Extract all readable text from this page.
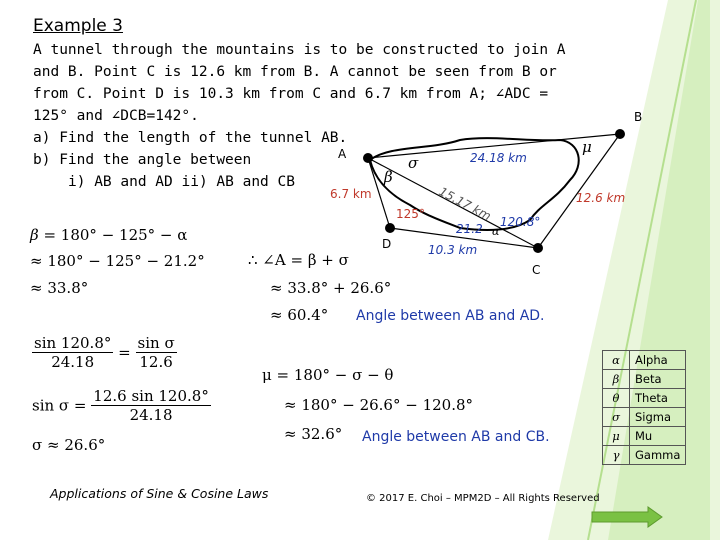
Example 3
A tunnel through the mountains is to be constructed to join A
and B. Point C is 12.6 km from B. A cannot be seen from B or
from C. Point D is 10.3 km from C and 6.7 km from A; ∠ADC =
125° and ∠DCB=142°.
a) Find the length of the tunnel AB.
b) Find the angle between
i) AB and AD ii) AB and CB
A
D
C
24.18 km
6.7 km	12.6 km
10.3 km
15.17 km
21.2
125°
120.8°
σ
β
μ
α
B
β = 180° − 125° − α
≈ 180° − 125° − 21.2°
≈ 33.8°
∴ ∠A = β + σ
≈ 33.8° + 26.6°
≈ 60.4° Angle between AB and AD.
$\frac{\sin 120.8^\circ}{24.18} = \frac{\text{sin σ}}{12.6}$
$\sin \sigma = \frac{12.6 \sin 120.8^\circ}{24.18}$
σ ≈ 26.6°
μ = 180° − σ − θ
≈ 180° − 26.6° − 120.8°
≈ 32.6° Angle between AB and CB.
α	Alpha
β	Beta
θ	Theta
σ	Sigma
μ	Mu
γ	Gamma
Applications of Sine & Cosine Laws	© 2017 E. Choi – MPM2D – All Rights Reserved
